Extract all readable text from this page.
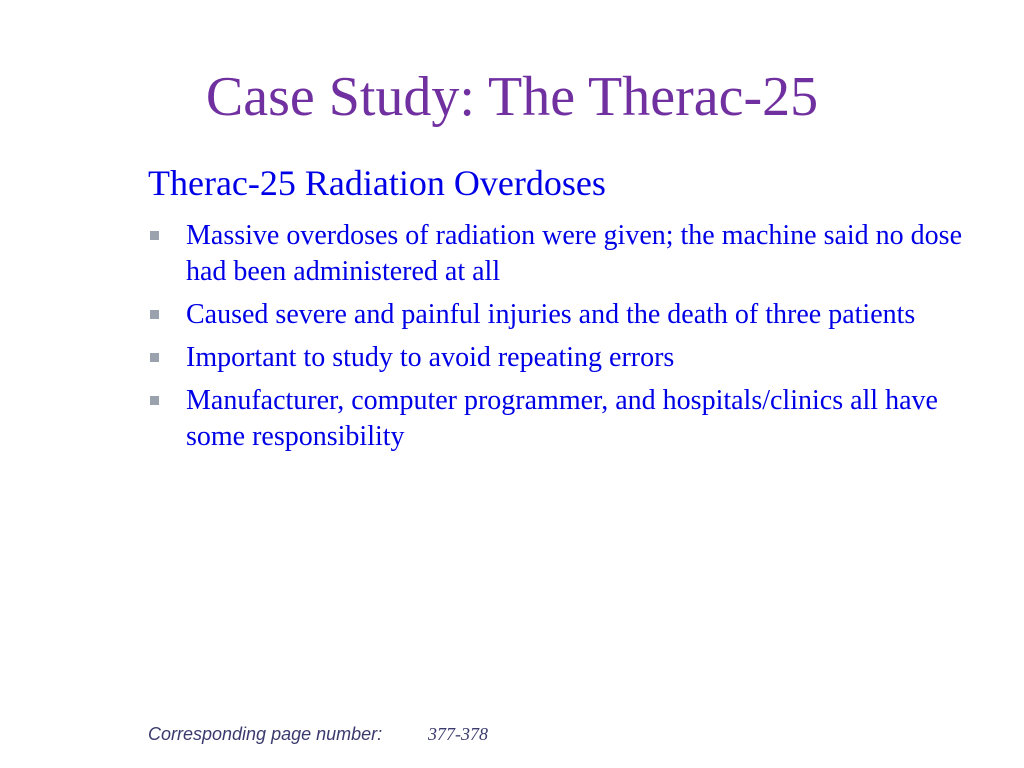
Case Study: The Therac-25
Therac-25 Radiation Overdoses
Massive overdoses of radiation were given; the machine said no dose had been administered at all
Caused severe and painful injuries and the death of three patients
Important to study to avoid repeating errors
Manufacturer, computer programmer, and hospitals/clinics all have some responsibility
Corresponding page number:	377-378
